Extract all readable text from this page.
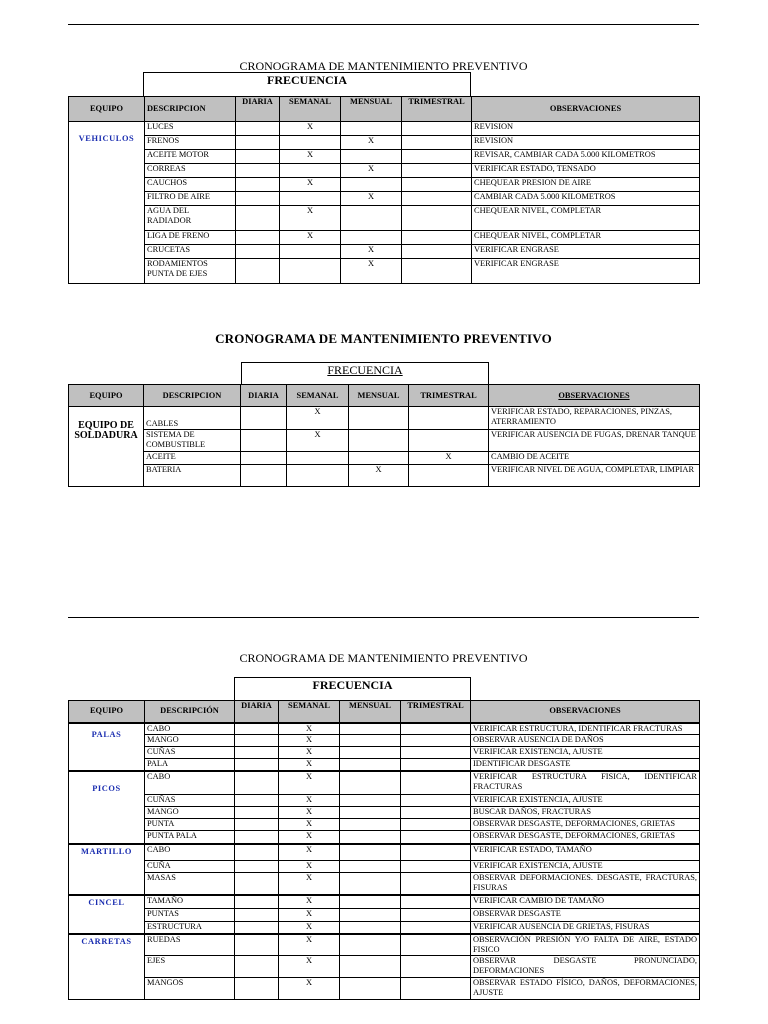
CRONOGRAMA DE MANTENIMIENTO PREVENTIVO
FRECUENCIA
EQUIPO	DESCRIPCION	DIARIA	SEMANAL	MENSUAL	TRIMESTRAL	OBSERVACIONES
VEHICULOS	LUCES		X			REVISION
	FRENOS			X		REVISION
	ACEITE MOTOR		X			REVISAR, CAMBIAR CADA 5.000 KILOMETROS
	CORREAS			X		VERIFICAR ESTADO, TENSADO
	CAUCHOS		X			CHEQUEAR PRESION DE AIRE
	FILTRO DE AIRE			X		CAMBIAR CADA 5.000 KILOMETROS
	AGUA DEL RADIADOR		X			CHEQUEAR NIVEL, COMPLETAR
	LIGA DE FRENO		X			CHEQUEAR NIVEL, COMPLETAR
	CRUCETAS			X		VERIFICAR ENGRASE
	RODAMIENTOS PUNTA DE EJES			X		VERIFICAR ENGRASE
CRONOGRAMA DE MANTENIMIENTO PREVENTIVO
FRECUENCIA
EQUIPO	DESCRIPCION	DIARIA	SEMANAL	MENSUAL	TRIMESTRAL	OBSERVACIONES
EQUIPO DE SOLDADURA	CABLES		X			VERIFICAR ESTADO, REPARACIONES, PINZAS, ATERRAMIENTO
	SISTEMA DE COMBUSTIBLE		X			VERIFICAR AUSENCIA DE FUGAS, DRENAR TANQUE
	ACEITE				X	CAMBIO DE ACEITE
	BATERIA			X		VERIFICAR NIVEL DE AGUA, COMPLETAR, LIMPIAR
CRONOGRAMA DE MANTENIMIENTO PREVENTIVO
FRECUENCIA
EQUIPO	DESCRIPCIÓN	DIARIA	SEMANAL	MENSUAL	TRIMESTRAL	OBSERVACIONES
PALAS	CABO		X			VERIFICAR ESTRUCTURA, IDENTIFICAR FRACTURAS
	MANGO		X			OBSERVAR AUSENCIA DE DAÑOS
	CUÑAS		X			VERIFICAR EXISTENCIA, AJUSTE
	PALA		X			IDENTIFICAR DESGASTE
PICOS	CABO		X			VERIFICAR ESTRUCTURA FISICA, IDENTIFICAR FRACTURAS
	CUÑAS		X			VERIFICAR EXISTENCIA, AJUSTE
	MANGO		X			BUSCAR DAÑOS, FRACTURAS
	PUNTA		X			OBSERVAR DESGASTE, DEFORMACIONES, GRIETAS
	PUNTA PALA		X			OBSERVAR DESGASTE, DEFORMACIONES, GRIETAS
MARTILLO	CABO		X			VERIFICAR ESTADO, TAMAÑO
	CUÑA		X			VERIFICAR EXISTENCIA, AJUSTE
	MASAS		X			OBSERVAR DEFORMACIONES. DESGASTE, FRACTURAS, FISURAS
CINCEL	TAMAÑO		X			VERIFICAR CAMBIO DE TAMAÑO
	PUNTAS		X			OBSERVAR DESGASTE
	ESTRUCTURA		X			VERIFICAR AUSENCIA DE GRIETAS, FISURAS
CARRETAS	RUEDAS		X			OBSERVACIÓN PRESIÓN Y/O FALTA DE AIRE, ESTADO FISICO
	EJES		X			OBSERVAR DESGASTE PRONUNCIADO, DEFORMACIONES
	MANGOS		X			OBSERVAR ESTADO FÍSICO, DAÑOS, DEFORMACIONES, AJUSTE
